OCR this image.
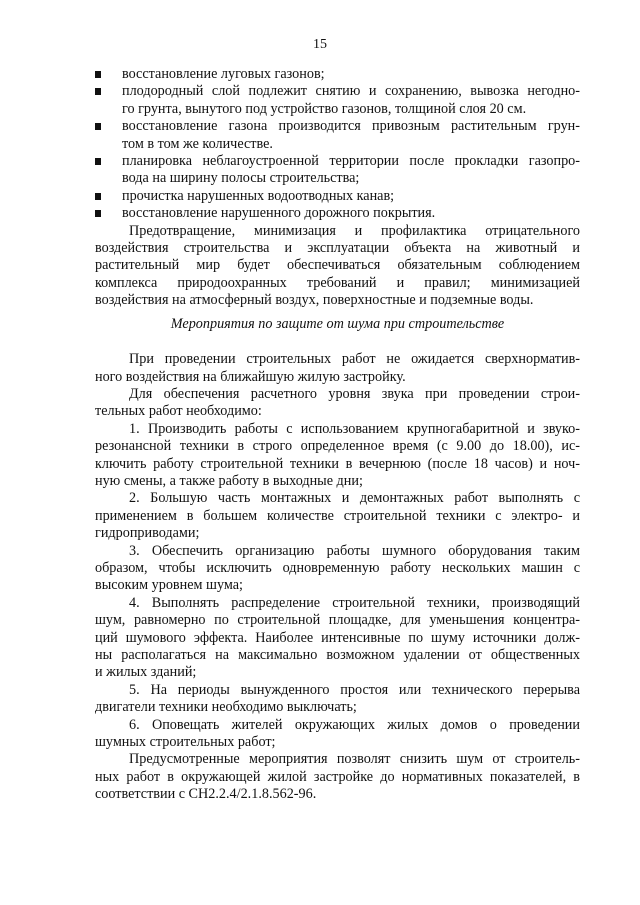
15
восстановление луговых газонов;
плодородный слой подлежит снятию и сохранению, вывозка негодно-
го грунта, вынутого под устройство газонов, толщиной слоя 20 см.
восстановление газона производится привозным растительным грун-
том в том же количестве.
планировка неблагоустроенной территории после прокладки газопро-
вода на ширину полосы строительства;
прочистка нарушенных водоотводных канав;
восстановление нарушенного дорожного покрытия.
Предотвращение, минимизация и профилактика отрицательного
воздействия строительства и эксплуатации объекта на животный и
растительный мир будет обеспечиваться обязательным соблюдением
комплекса природоохранных требований и правил; минимизацией
воздействия на атмосферный воздух, поверхностные и подземные воды.
Мероприятия по защите от шума при строительстве
При проведении строительных работ не ожидается сверхнорматив-
ного воздействия на ближайшую жилую застройку.
Для обеспечения расчетного уровня звука при проведении строи-
тельных работ необходимо:
1. Производить работы с использованием крупногабаритной и звуко-
резонансной техники в строго определенное время (с 9.00 до 18.00), ис-
ключить работу строительной техники в вечернюю (после 18 часов) и ноч-
ную смены, а также работу в выходные дни;
2. Большую часть монтажных и демонтажных работ выполнять с
применением в большем количестве строительной техники с электро- и
гидроприводами;
3. Обеспечить организацию работы шумного оборудования таким
образом, чтобы исключить одновременную работу нескольких машин с
высоким уровнем шума;
4. Выполнять распределение строительной техники, производящий
шум, равномерно по строительной площадке, для уменьшения концентра-
ций шумового эффекта. Наиболее интенсивные по шуму источники долж-
ны располагаться на максимально возможном удалении от общественных
и жилых зданий;
5. На периоды вынужденного простоя или технического перерыва
двигатели техники необходимо выключать;
6. Оповещать жителей окружающих жилых домов о проведении
шумных строительных работ;
Предусмотренные мероприятия позволят снизить шум от строитель-
ных работ в окружающей жилой застройке до нормативных показателей, в
соответствии с СН2.2.4/2.1.8.562-96.
